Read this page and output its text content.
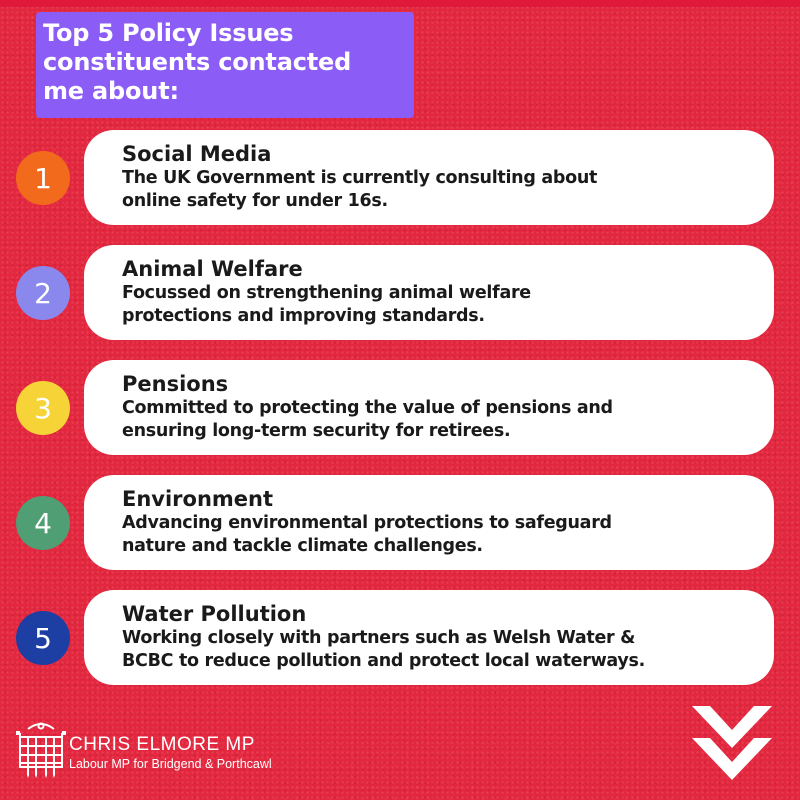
Top 5 Policy Issues
constituents contacted
me about:
1
Social Media
The UK Government is currently consulting about
online safety for under 16s.
2
Animal Welfare
Focussed on strengthening animal welfare
protections and improving standards.
3
Pensions
Committed to protecting the value of pensions and
ensuring long-term security for retirees.
4
Environment
Advancing environmental protections to safeguard
nature and tackle climate challenges.
5
Water Pollution
Working closely with partners such as Welsh Water &
BCBC to reduce pollution and protect local waterways.
CHRIS ELMORE MP
Labour MP for Bridgend & Porthcawl
